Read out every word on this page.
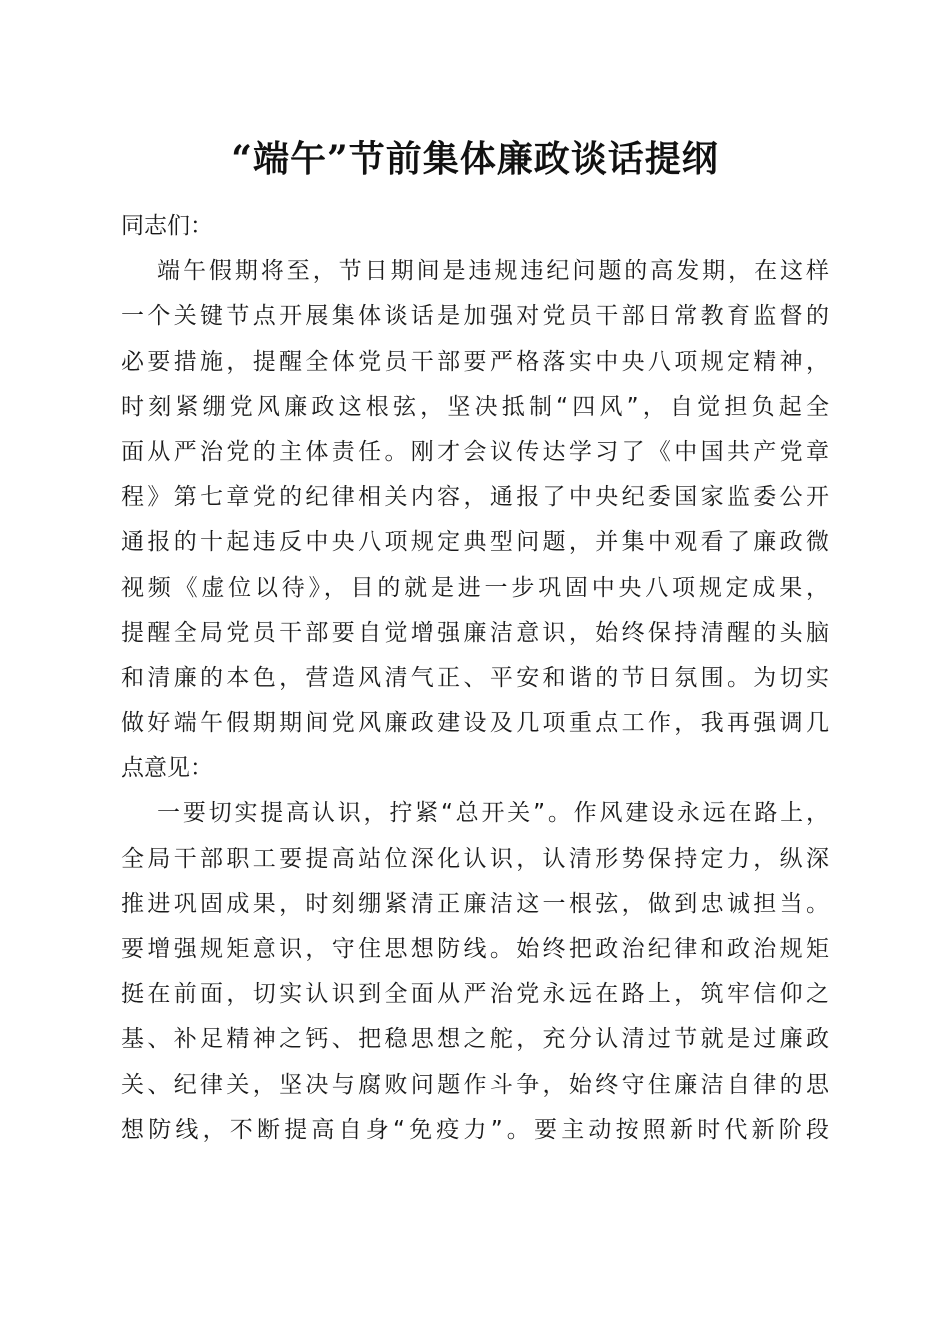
“端午”节前集体廉政谈话提纲
同志们：
端午假期将至，节日期间是违规违纪问题的高发期，在这样
一个关键节点开展集体谈话是加强对党员干部日常教育监督的
必要措施，提醒全体党员干部要严格落实中央八项规定精神，
时刻紧绷党风廉政这根弦，坚决抵制“四风”，自觉担负起全
面从严治党的主体责任。刚才会议传达学习了《中国共产党章
程》第七章党的纪律相关内容，通报了中央纪委国家监委公开
通报的十起违反中央八项规定典型问题，并集中观看了廉政微
视频《虚位以待》，目的就是进一步巩固中央八项规定成果，
提醒全局党员干部要自觉增强廉洁意识，始终保持清醒的头脑
和清廉的本色，营造风清气正、平安和谐的节日氛围。为切实
做好端午假期期间党风廉政建设及几项重点工作，我再强调几
点意见：
一要切实提高认识，拧紧“总开关”。作风建设永远在路上，
全局干部职工要提高站位深化认识，认清形势保持定力，纵深
推进巩固成果，时刻绷紧清正廉洁这一根弦，做到忠诚担当。
要增强规矩意识，守住思想防线。始终把政治纪律和政治规矩
挺在前面，切实认识到全面从严治党永远在路上，筑牢信仰之
基、补足精神之钙、把稳思想之舵，充分认清过节就是过廉政
关、纪律关，坚决与腐败问题作斗争，始终守住廉洁自律的思
想防线，不断提高自身“免疫力”。要主动按照新时代新阶段
